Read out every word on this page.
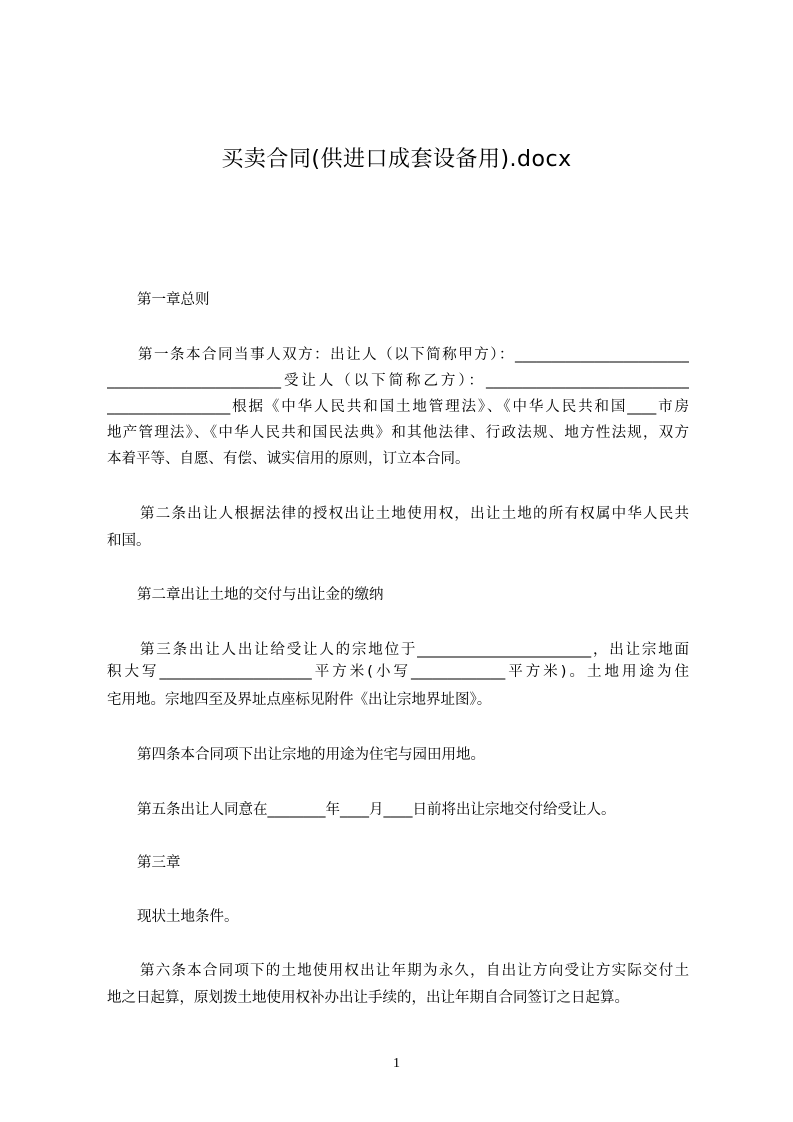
买卖合同(供进口成套设备用).docx
第一章总则
第一条本合同当事人双方：出让人（以下简称甲方）：________________________
________________________受让人（以下简称乙方）：____________________________
_________________根据《中华人民共和国土地管理法》、《中华人民共和国____市房
地产管理法》、《中华人民共和国民法典》和其他法律、行政法规、地方性法规，双方
本着平等、自愿、有偿、诚实信用的原则，订立本合同。
第二条出让人根据法律的授权出让土地使用权，出让土地的所有权属中华人民共
和国。
第二章出让土地的交付与出让金的缴纳
第三条出让人出让给受让人的宗地位于________________________，出让宗地面
积大写_____________________平方米(小写_____________平方米)。土地用途为住
宅用地。宗地四至及界址点座标见附件《出让宗地界址图》。
第四条本合同项下出让宗地的用途为住宅与园田用地。
第五条出让人同意在________年____月____日前将出让宗地交付给受让人。
第三章
现状土地条件。
第六条本合同项下的土地使用权出让年期为永久，自出让方向受让方实际交付土
地之日起算，原划拨土地使用权补办出让手续的，出让年期自合同签订之日起算。
1
